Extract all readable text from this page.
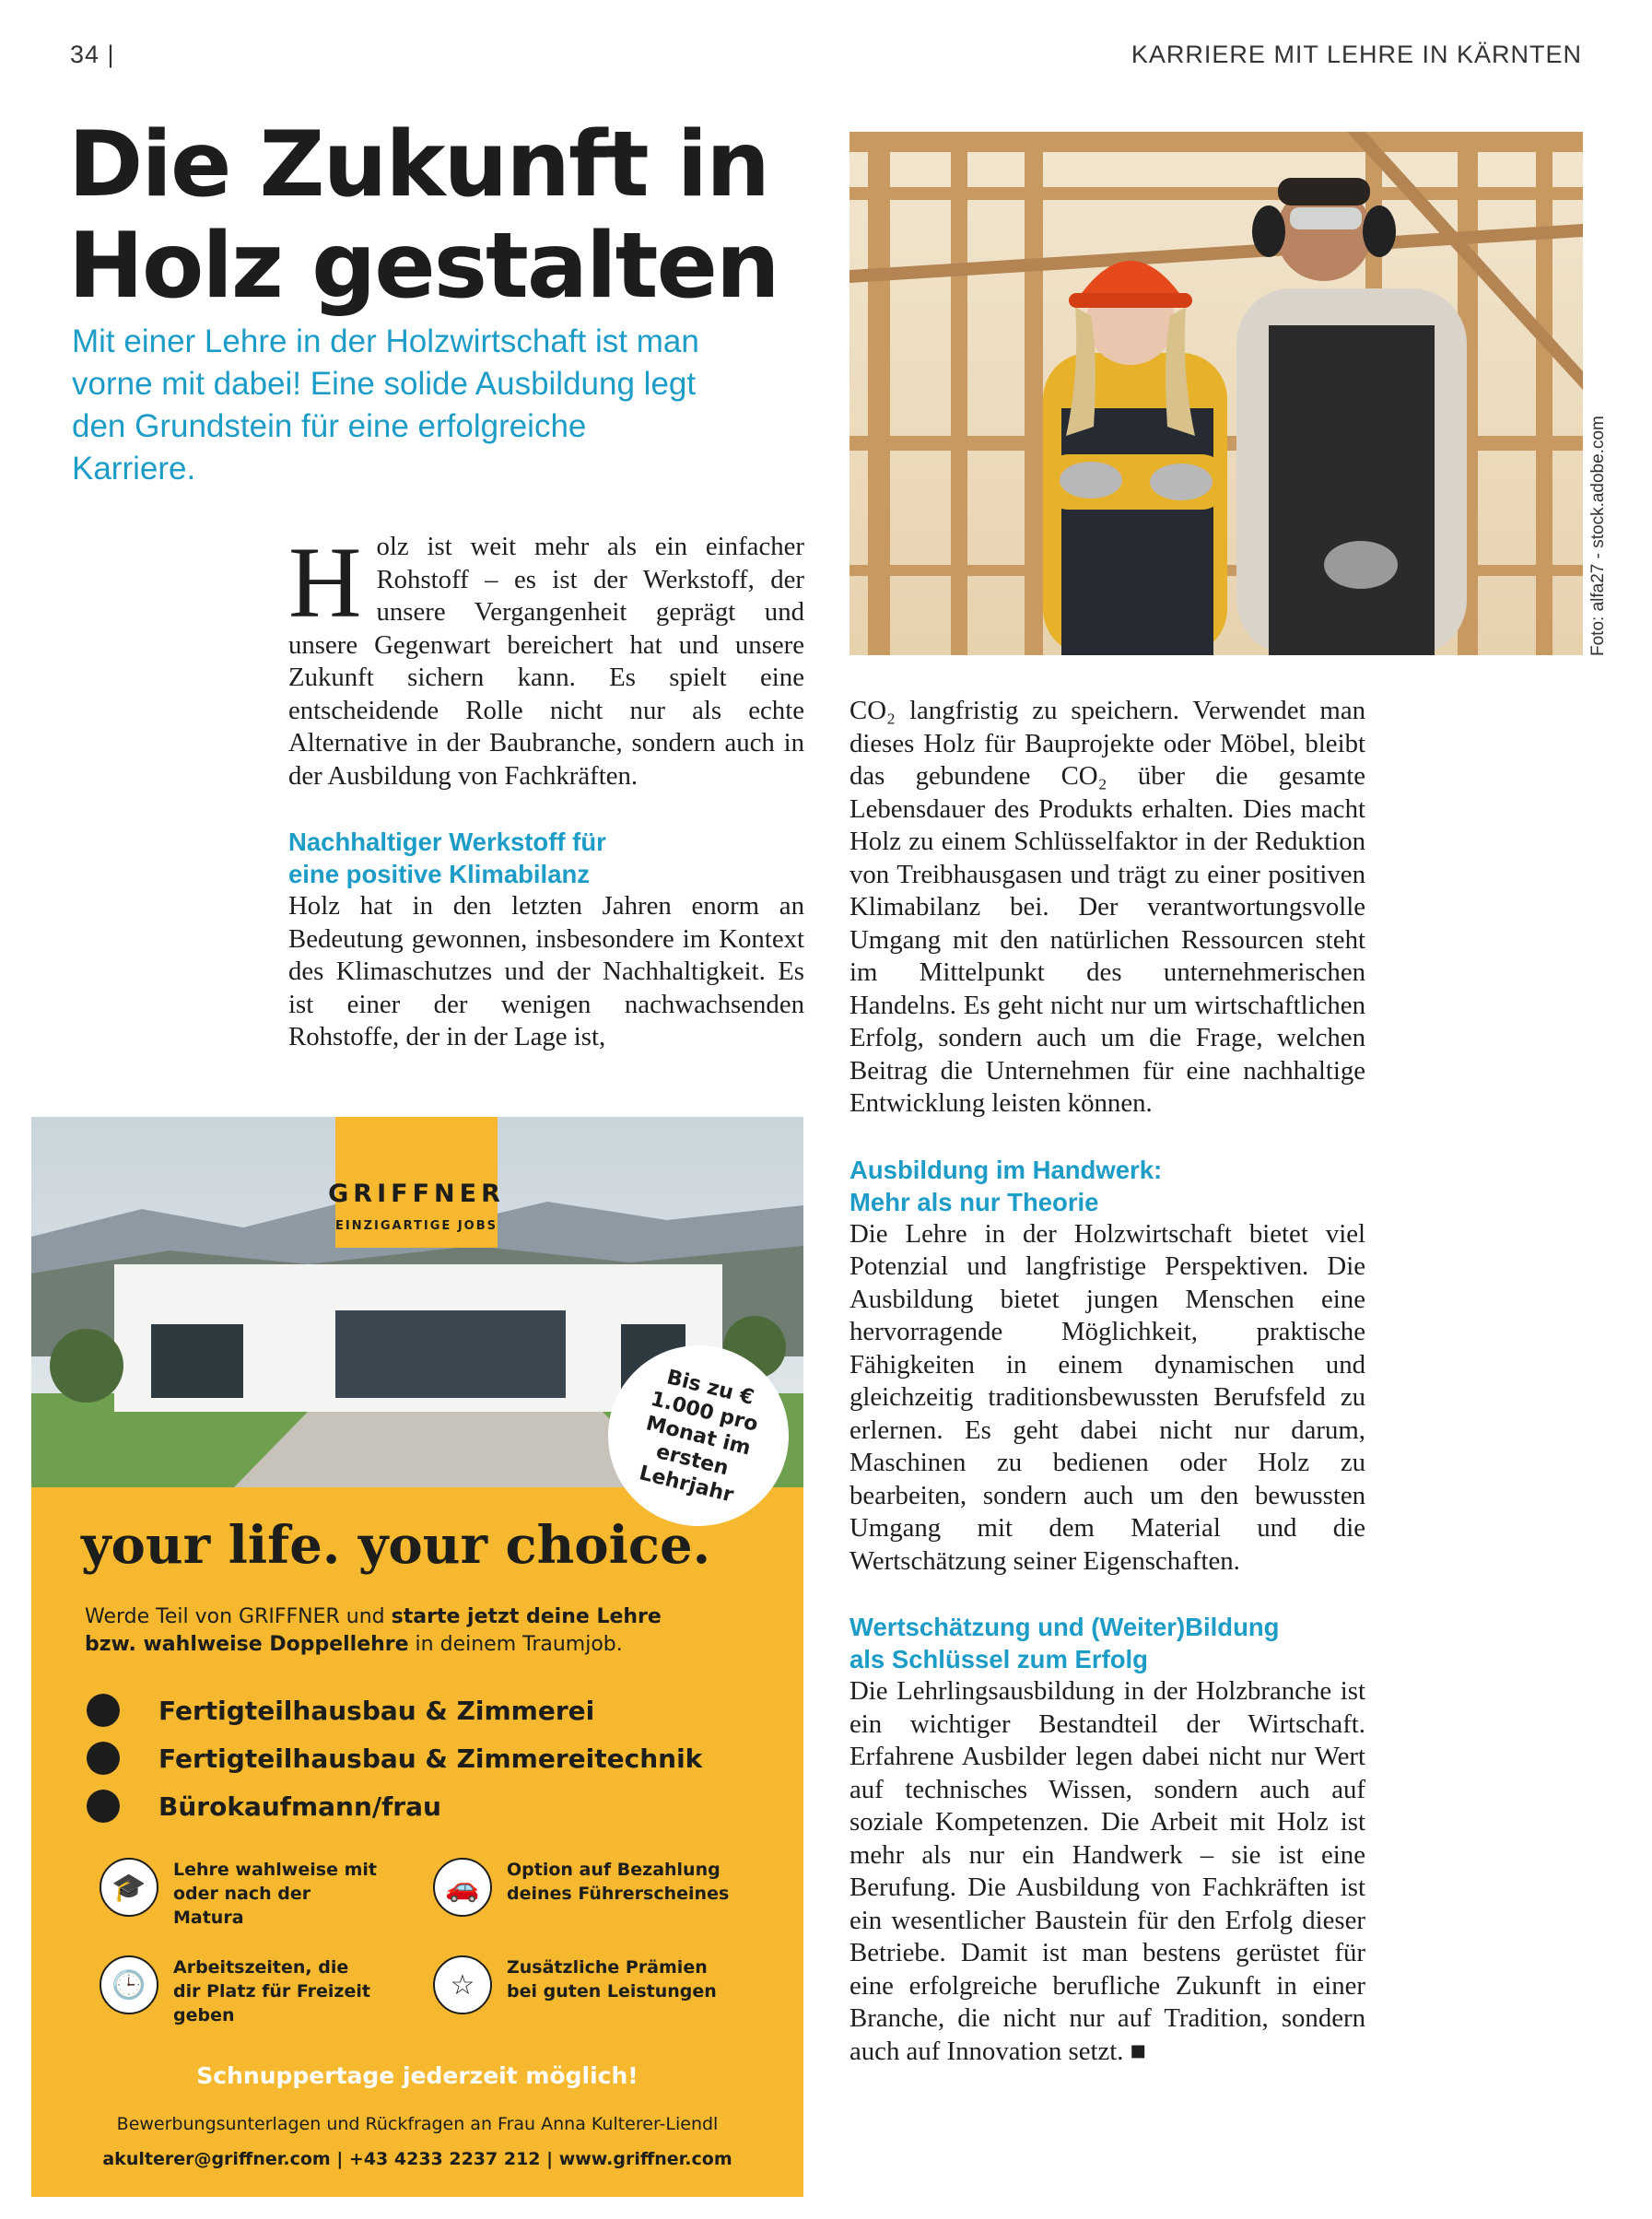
34 |	KARRIERE MIT LEHRE IN KÄRNTEN
Die Zukunft in
Holz gestalten

Mit einer Lehre in der Holzwirtschaft ist man vorne mit dabei! Eine solide Ausbildung legt den Grundstein für eine erfolgreiche Karriere.

Holz ist weit mehr als ein einfacher Rohstoff – es ist der Werkstoff, der unsere Vergangenheit geprägt und unsere Gegenwart bereichert hat und unsere Zukunft sichern kann. Es spielt eine entscheidende Rolle nicht nur als echte Alternative in der Baubranche, sondern auch in der Ausbildung von Fachkräften.

Nachhaltiger Werkstoff für
eine positive Klimabilanz

Holz hat in den letzten Jahren enorm an Bedeutung gewonnen, insbesondere im Kontext des Klimaschutzes und der Nachhaltigkeit. Es ist einer der wenigen nachwachsenden Rohstoffe, der in der Lage ist,

Foto: alfa27 - stock.adobe.com

CO₂ langfristig zu speichern. Verwendet man dieses Holz für Bauprojekte oder Möbel, bleibt das gebundene CO₂ über die gesamte Lebensdauer des Produkts erhalten. Dies macht Holz zu einem Schlüsselfaktor in der Reduktion von Treibhausgasen und trägt zu einer positiven Klimabilanz bei. Der verantwortungsvolle Umgang mit den natürlichen Ressourcen steht im Mittelpunkt des unternehmerischen Handelns. Es geht nicht nur um wirtschaftlichen Erfolg, sondern auch um die Frage, welchen Beitrag die Unternehmen für eine nachhaltige Entwicklung leisten können.

Ausbildung im Handwerk:
Mehr als nur Theorie

Die Lehre in der Holzwirtschaft bietet viel Potenzial und langfristige Perspektiven. Die Ausbildung bietet jungen Menschen eine hervorragende Möglichkeit, praktische Fähigkeiten in einem dynamischen und gleichzeitig traditionsbewussten Berufsfeld zu erlernen. Es geht dabei nicht nur darum, Maschinen zu bedienen oder Holz zu bearbeiten, sondern auch um den bewussten Umgang mit dem Material und die Wertschätzung seiner Eigenschaften.

Wertschätzung und (Weiter)Bildung
als Schlüssel zum Erfolg

Die Lehrlingsausbildung in der Holzbranche ist ein wichtiger Bestandteil der Wirtschaft. Erfahrene Ausbilder legen dabei nicht nur Wert auf technisches Wissen, sondern auch auf soziale Kompetenzen. Die Arbeit mit Holz ist mehr als nur ein Handwerk – sie ist eine Berufung. Die Ausbildung von Fachkräften ist ein wesentlicher Baustein für den Erfolg dieser Betriebe. Damit ist man bestens gerüstet für eine erfolgreiche berufliche Zukunft in einer Branche, die nicht nur auf Tradition, sondern auch auf Innovation setzt. ■

GRIFFNER
EINZIGARTIGE JOBS
your life. your choice.
Werde Teil von GRIFFNER und starte jetzt deine Lehre
bzw. wahlweise Doppellehre in deinem Traumjob.
Fertigteilhausbau & Zimmerei
Fertigteilhausbau & Zimmereitechnik
Bürokaufmann/frau
🎓
Lehre wahlweise mit oder nach der Matura
🚗
Option auf Bezahlung deines Führerscheines
🕒
Arbeitszeiten, die dir Platz für Freizeit geben
☆
Zusätzliche Prämien bei guten Leistungen
Schnuppertage jederzeit möglich!
Bewerbungsunterlagen und Rückfragen an Frau Anna Kulterer-Liendl
akulterer@griffner.com | +43 4233 2237 212 | www.griffner.com
Bis zu € 1.000 pro Monat im ersten Lehrjahr
